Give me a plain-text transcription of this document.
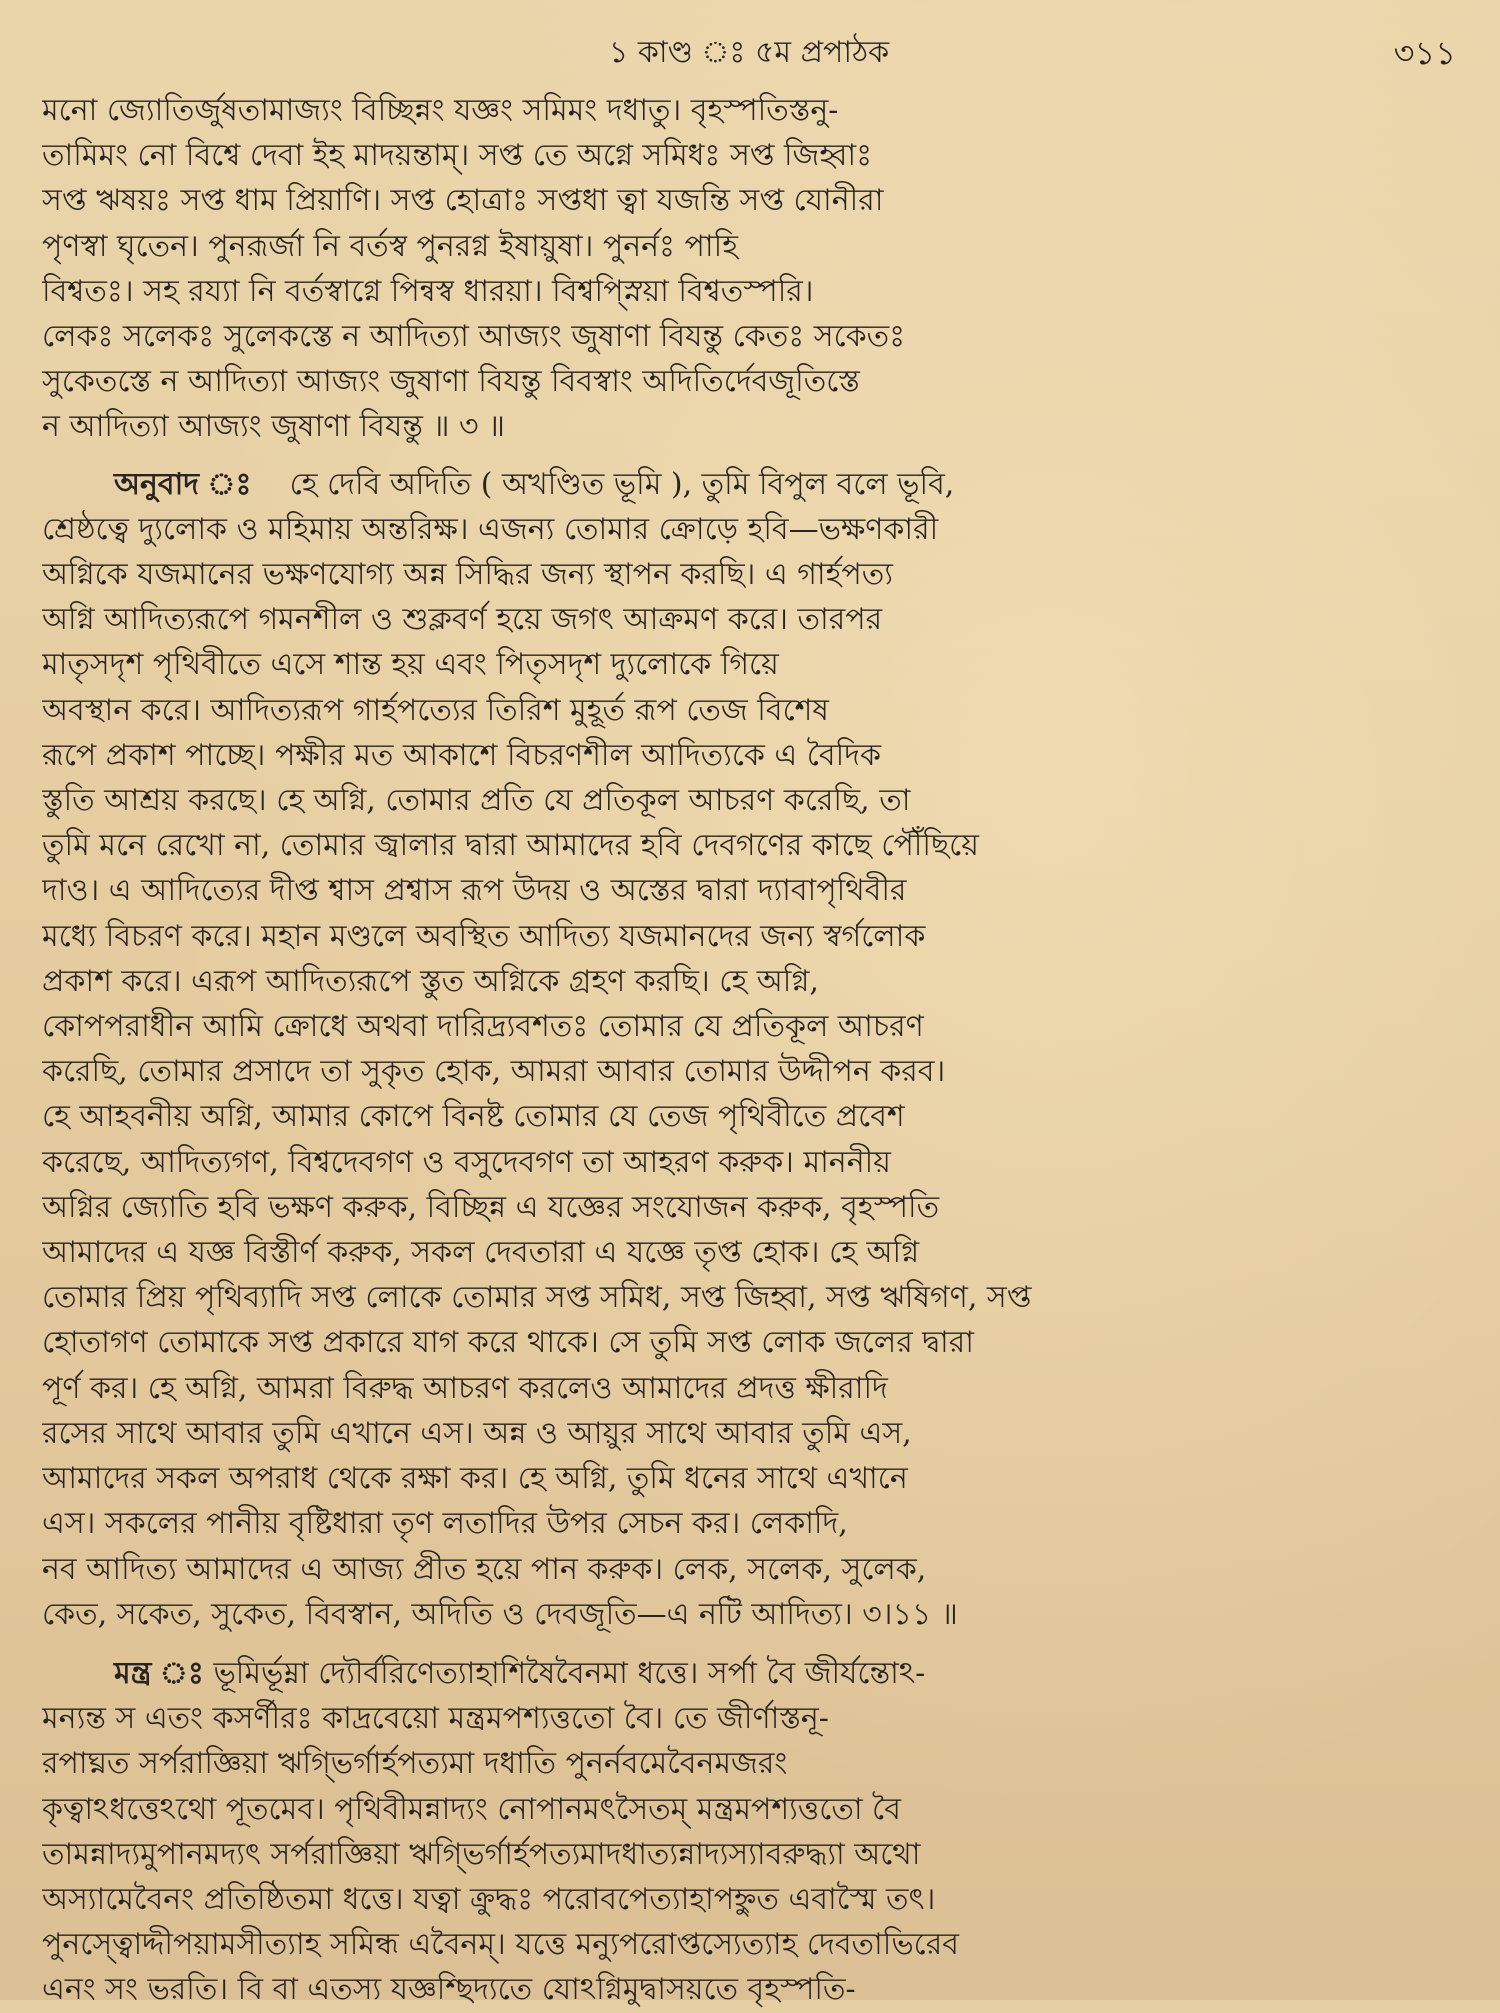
১ কাণ্ড ঃ ৫ম প্রপাঠক	৩১১
মনো জ্যোতির্জুষতামাজ্যং বিচ্ছিন্নং যজ্ঞং সমিমং দধাতু। বৃহস্পতিস্তনু-
তামিমং নো বিশ্বে দেবা ইহ মাদয়ন্তাম্। সপ্ত তে অগ্নে সমিধঃ সপ্ত জিহ্বাঃ
সপ্ত ঋষয়ঃ সপ্ত ধাম প্রিয়াণি। সপ্ত হোত্রাঃ সপ্তধা ত্বা যজন্তি সপ্ত যোনীরা
পৃণস্বা ঘৃতেন। পুনরূর্জা নি বর্তস্ব পুনরগ্ন ইষায়ুষা। পুনর্নঃ পাহি
বিশ্বতঃ। সহ রয্যা নি বর্তস্বাগ্নে পিন্বস্ব ধারয়া। বিশ্বপ্স্নিয়া বিশ্বতস্পরি।
লেকঃ সলেকঃ সুলেকস্তে ন আদিত্যা আজ্যং জুষাণা বিযন্তু কেতঃ সকেতঃ
সুকেতস্তে ন আদিত্যা আজ্যং জুষাণা বিযন্তু বিবস্বাং অদিতির্দেবজূতিস্তে
ন আদিত্যা আজ্যং জুষাণা বিযন্তু ॥ ৩ ॥
অনুবাদ ঃ হে দেবি অদিতি ( অখণ্ডিত ভূমি ), তুমি বিপুল বলে ভূবি,
শ্রেষ্ঠত্বে দ্যুলোক ও মহিমায় অন্তরিক্ষ। এজন্য তোমার ক্রোড়ে হবি—ভক্ষণকারী
অগ্নিকে যজমানের ভক্ষণযোগ্য অন্ন সিদ্ধির জন্য স্থাপন করছি। এ গার্হপত্য
অগ্নি আদিত্যরূপে গমনশীল ও শুক্লবর্ণ হয়ে জগৎ আক্রমণ করে। তারপর
মাতৃসদৃশ পৃথিবীতে এসে শান্ত হয় এবং পিতৃসদৃশ দ্যুলোকে গিয়ে
অবস্থান করে। আদিত্যরূপ গার্হপত্যের তিরিশ মুহূর্ত রূপ তেজ বিশেষ
রূপে প্রকাশ পাচ্ছে। পক্ষীর মত আকাশে বিচরণশীল আদিত্যকে এ বৈদিক
স্তুতি আশ্রয় করছে। হে অগ্নি, তোমার প্রতি যে প্রতিকূল আচরণ করেছি, তা
তুমি মনে রেখো না, তোমার জ্বালার দ্বারা আমাদের হবি দেবগণের কাছে পৌঁছিয়ে
দাও। এ আদিত্যের দীপ্ত শ্বাস প্রশ্বাস রূপ উদয় ও অস্তের দ্বারা দ্যাবাপৃথিবীর
মধ্যে বিচরণ করে। মহান মণ্ডলে অবস্থিত আদিত্য যজমানদের জন্য স্বর্গলোক
প্রকাশ করে। এরূপ আদিত্যরূপে স্তুত অগ্নিকে গ্রহণ করছি। হে অগ্নি,
কোপপরাধীন আমি ক্রোধে অথবা দারিদ্র্যবশতঃ তোমার যে প্রতিকূল আচরণ
করেছি, তোমার প্রসাদে তা সুকৃত হোক, আমরা আবার তোমার উদ্দীপন করব।
হে আহবনীয় অগ্নি, আমার কোপে বিনষ্ট তোমার যে তেজ পৃথিবীতে প্রবেশ
করেছে, আদিত্যগণ, বিশ্বদেবগণ ও বসুদেবগণ তা আহরণ করুক। মাননীয়
অগ্নির জ্যোতি হবি ভক্ষণ করুক, বিচ্ছিন্ন এ যজ্ঞের সংযোজন করুক, বৃহস্পতি
আমাদের এ যজ্ঞ বিস্তীর্ণ করুক, সকল দেবতারা এ যজ্ঞে তৃপ্ত হোক। হে অগ্নি
তোমার প্রিয় পৃথিব্যাদি সপ্ত লোকে তোমার সপ্ত সমিধ, সপ্ত জিহ্বা, সপ্ত ঋষিগণ, সপ্ত
হোতাগণ তোমাকে সপ্ত প্রকারে যাগ করে থাকে। সে তুমি সপ্ত লোক জলের দ্বারা
পূর্ণ কর। হে অগ্নি, আমরা বিরুদ্ধ আচরণ করলেও আমাদের প্রদত্ত ক্ষীরাদি
রসের সাথে আবার তুমি এখানে এস। অন্ন ও আয়ুর সাথে আবার তুমি এস,
আমাদের সকল অপরাধ থেকে রক্ষা কর। হে অগ্নি, তুমি ধনের সাথে এখানে
এস। সকলের পানীয় বৃষ্টিধারা তৃণ লতাদির উপর সেচন কর। লেকাদি,
নব আদিত্য আমাদের এ আজ্য প্রীত হয়ে পান করুক। লেক, সলেক, সুলেক,
কেত, সকেত, সুকেত, বিবস্বান, অদিতি ও দেবজূতি—এ নটি আদিত্য। ৩।১১ ॥
মন্ত্র ঃ ভূমির্ভূম্না দ্যৌর্বরিণেত্যাহাশিষৈবৈনমা ধত্তে। সর্পা বৈ জীর্যন্তোঽ-
মন্যন্ত স এতং কসর্ণীরঃ কাদ্রবেয়ো মন্ত্রমপশ্যত্ততো বৈ। তে জীর্ণাস্তনূ-
রপাঘ্নত সর্পরাজ্ঞিয়া ঋগ্ভির্গার্হপত্যমা দধাতি পুনর্নবমেবৈনমজরং
কৃত্বাঽধত্তেঽথো পূতমেব। পৃথিবীমন্নাদ্যং নোপানমৎসৈতম্ মন্ত্রমপশ্যত্ততো বৈ
তামন্নাদ্যমুপানমদ্যৎ সর্পরাজ্ঞিয়া ঋগ্ভির্গার্হপত্যমাদধাত্যন্নাদ্যস্যাবরুদ্ধ্যা অথো
অস্যামেবৈনং প্রতিষ্ঠিতমা ধত্তে। যত্বা ক্রুদ্ধঃ পরোবপেত্যাহাপহ্নুত এবাস্মৈ তৎ।
পুনস্ত্বোদ্দীপয়ামসীত্যাহ সমিন্ধ এবৈনম্। যত্তে মন্যুপরোপ্তস্যেত্যাহ দেবতাভিরেব
এনং সং ভরতি। বি বা এতস্য যজ্ঞশ্ছিদ্যতে যোঽগ্নিমুদ্বাসয়তে বৃহস্পতি-
